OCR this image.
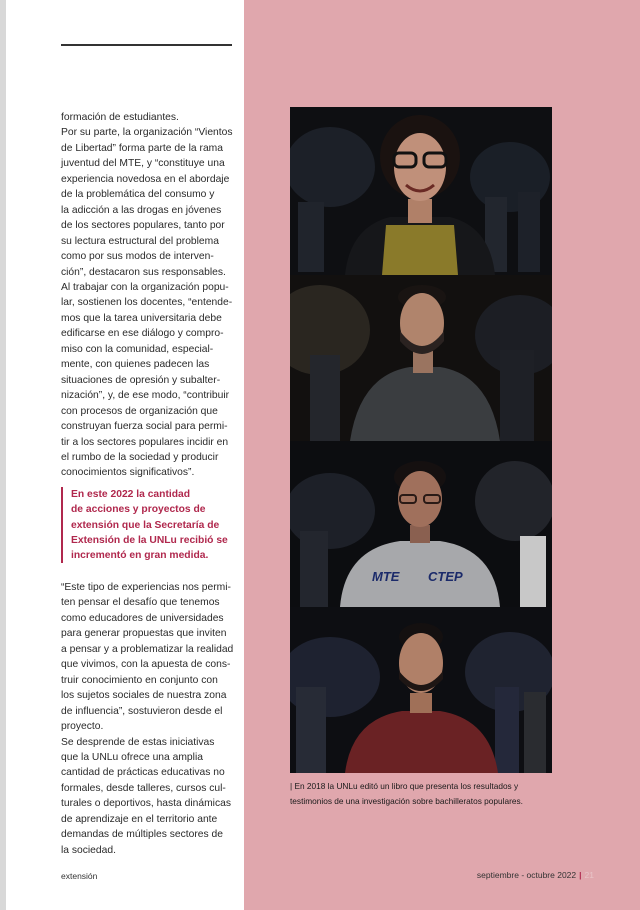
formación de estudiantes.
Por su parte, la organización “Vientos
de Libertad” forma parte de la rama
juventud del MTE, y “constituye una
experiencia novedosa en el abordaje
de la problemática del consumo y
la adicción a las drogas en jóvenes
de los sectores populares, tanto por
su lectura estructural del problema
como por sus modos de interven-
ción”, destacaron sus responsables.
Al trabajar con la organización popu-
lar, sostienen los docentes, “entende-
mos que la tarea universitaria debe
edificarse en ese diálogo y compro-
miso con la comunidad, especial-
mente, con quienes padecen las
situaciones de opresión y subalter-
nización”, y, de ese modo, “contribuir
con procesos de organización que
construyan fuerza social para permi-
tir a los sectores populares incidir en
el rumbo de la sociedad y producir
conocimientos significativos”.

En este 2022 la cantidad
de acciones y proyectos de
extensión que la Secretaría de
Extensión de la UNLu recibió se
incrementó en gran medida.

“Este tipo de experiencias nos permi-
ten pensar el desafío que tenemos
como educadores de universidades
para generar propuestas que inviten
a pensar y a problematizar la realidad
que vivimos, con la apuesta de cons-
truir conocimiento en conjunto con
los sujetos sociales de nuestra zona
de influencia”, sostuvieron desde el
proyecto.
Se desprende de estas iniciativas
que la UNLu ofrece una amplia
cantidad de prácticas educativas no
formales, desde talleres, cursos cul-
turales o deportivos, hasta dinámicas
de aprendizaje en el territorio ante
demandas de múltiples sectores de
la sociedad.

MTE CTEP

| En 2018 la UNLu editó un libro que presenta los resultados y
testimonios de una investigación sobre bachilleratos populares.

extensión	septiembre - octubre 2022 | 21
